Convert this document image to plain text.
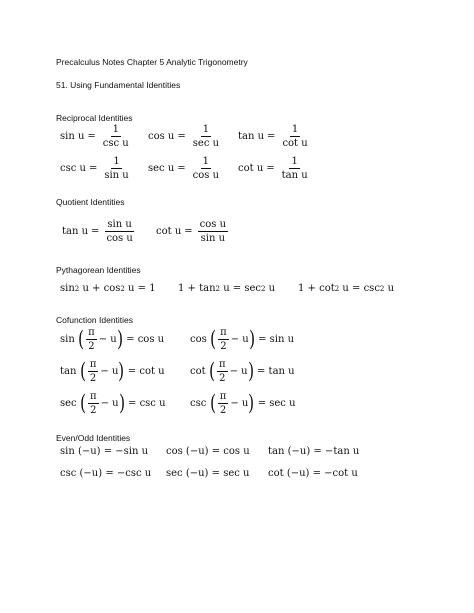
Precalculus Notes Chapter 5 Analytic Trigonometry
51. Using Fundamental Identities
Reciprocal Identities
$\sin u = \frac{1}{\text{csc u}}$ $\cos u = \frac{1}{\text{sec u}}$ $\tan u = \frac{1}{\text{cot u}}$
$\csc u = \frac{1}{\text{sin u}}$ $\sec u = \frac{1}{\text{cos u}}$ $\cot u = \frac{1}{\text{tan u}}$
Quotient Identities
$\tan u = \frac{\text{sin u}}{\text{cos u}}$ $\cot u = \frac{\text{cos u}}{\text{sin u}}$
Pythagorean Identities
sin 2
u + cos 2
u = 1 1 + tan 2
u = sec 2
u 1 + cot 2
u = csc 2
u
Cofunction Identities
sin
( $\frac{\pi}{2} - u$ )
= cos u	cos
( $\frac{\pi}{2} - u$ )
= sin u
tan
( $\frac{\pi}{2} - u$ )
= cot u	cot
( $\frac{\pi}{2} - u$ )
= tan u
sec
( $\frac{\pi}{2} - u$ )
= csc u csc
( $\frac{\pi}{2} - u$ )
= sec u
Even/Odd Identities
sin (−u) = −sin u cos (−u) = cos u tan (−u) = −tan u
csc (−u) = −csc u sec (−u) = sec u cot (−u) = −cot u
